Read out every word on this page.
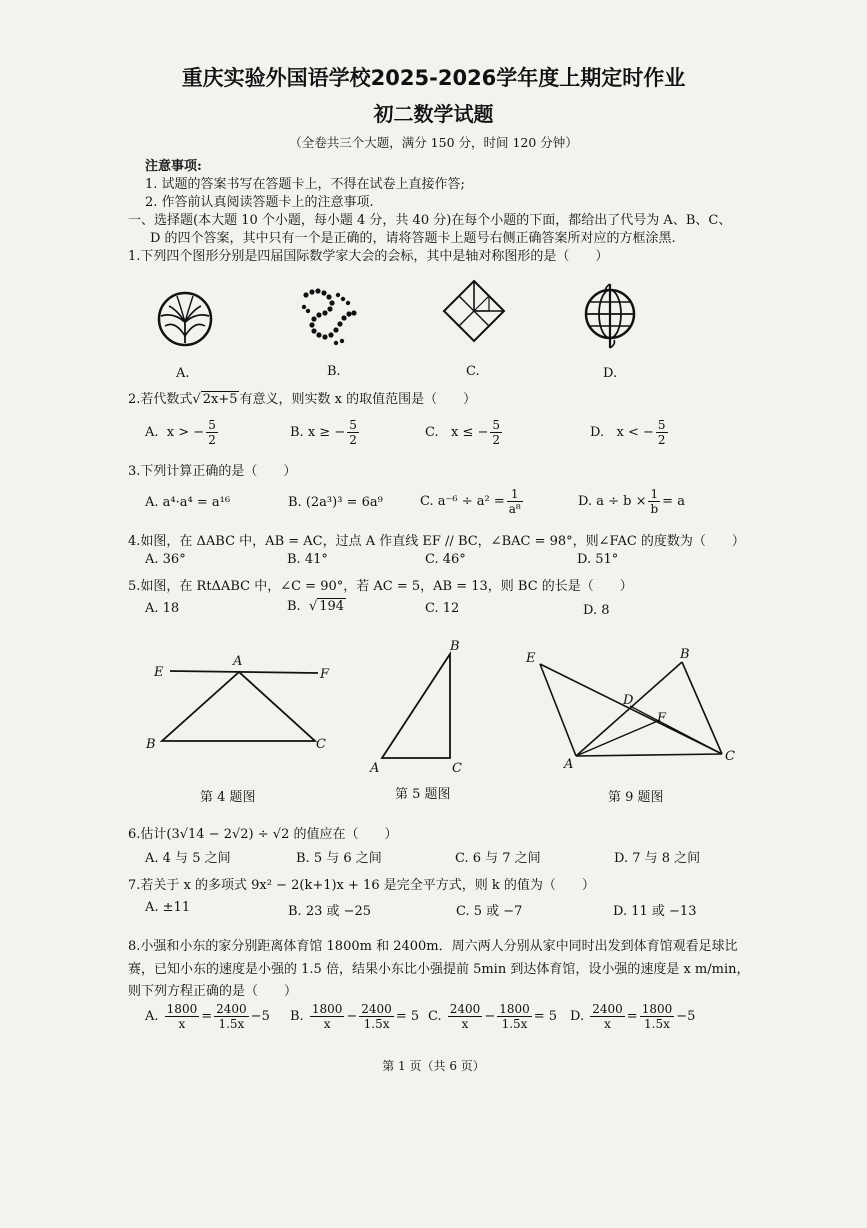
重庆实验外国语学校2025-2026学年度上期定时作业
初二数学试题
（全卷共三个大题，满分 150 分，时间 120 分钟）
注意事项:
1. 试题的答案书写在答题卡上，不得在试卷上直接作答;
2. 作答前认真阅读答题卡上的注意事项.
一、选择题(本大题 10 个小题，每小题 4 分，共 40 分)在每个小题的下面，都给出了代号为 A、B、C、
D 的四个答案，其中只有一个是正确的，请将答题卡上题号右侧正确答案所对应的方框涂黑.
1.下列四个图形分别是四届国际数学家大会的会标，其中是轴对称图形的是（　　）
A.	B.	C.	D.
2.若代数式√ 2x+5 有意义，则实数 x 的取值范围是（　　）
A. x > − $\frac{5}{2}$	B. x ≥ − $\frac{5}{2}$	C. x ≤ − $\frac{5}{2}$	D. x < − $\frac{5}{2}$
3.下列计算正确的是（　　）
A. a⁴·a⁴ = a¹⁶	B. (2a³)³ = 6a⁹	C. $a^{-6} \div a^2 = \frac{1}{\text{a⁸}}$	D. $a \div b \times \frac{1}{b} = a$
4.如图，在 ΔABC 中，AB = AC，过点 A 作直线 EF // BC，∠BAC = 98°，则∠FAC 的度数为（　　）
A. 36°	B. 41°	C. 46°	D. 51°
5.如图，在 RtΔABC 中，∠C = 90°，若 AC = 5，AB = 13，则 BC 的长是（　　）
A. 18	B.  √ 194	C. 12	D. 8
E
A
F
B	C
第 4 题图
B
A	C
第 5 题图
E	B
D
F
A
C
第 9 题图
6.估计(3√14 − 2√2) ÷ √2 的值应在（　　）
A. 4 与 5 之间	B. 5 与 6 之间	C. 6 与 7 之间	D. 7 与 8 之间
7.若关于 x 的多项式 9x² − 2(k+1)x + 16 是完全平方式，则 k 的值为（　　）
A. ±11	B. 23 或 −25	C. 5 或 −7	D. 11 或 −13
8.小强和小东的家分别距离体育馆 1800m 和 2400m．周六两人分别从家中同时出发到体育馆观看足球比
赛，已知小东的速度是小强的 1.5 倍，结果小东比小强提前 5min 到达体育馆，设小强的速度是 x m/min，
则下列方程正确的是（　　）
A. $\frac{1800}{x} = \frac{2400}{1.5x} -5$ B. $\frac{1800}{x} - \frac{2400}{1.5x} = 5$ C. $\frac{2400}{x} - \frac{1800}{1.5x} = 5$ D. $\frac{2400}{x} = \frac{1800}{1.5x} -5$
第 1 页（共 6 页）
